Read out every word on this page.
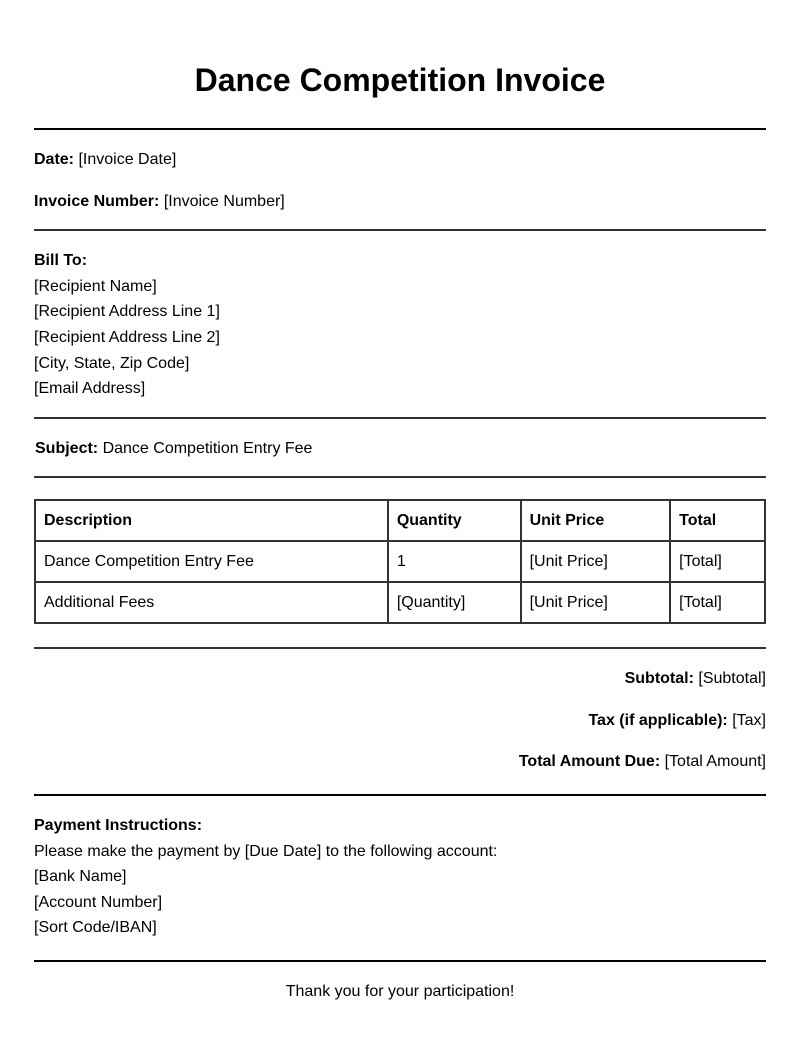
Dance Competition Invoice
Date: [Invoice Date]
Invoice Number: [Invoice Number]
Bill To:
[Recipient Name]
[Recipient Address Line 1]
[Recipient Address Line 2]
[City, State, Zip Code]
[Email Address]
Subject: Dance Competition Entry Fee
Description	Quantity	Unit Price	Total
Dance Competition Entry Fee	1	[Unit Price]	[Total]
Additional Fees	[Quantity]	[Unit Price]	[Total]
Subtotal: [Subtotal]
Tax (if applicable): [Tax]
Total Amount Due: [Total Amount]
Payment Instructions:
Please make the payment by [Due Date] to the following account:
[Bank Name]
[Account Number]
[Sort Code/IBAN]
Thank you for your participation!
